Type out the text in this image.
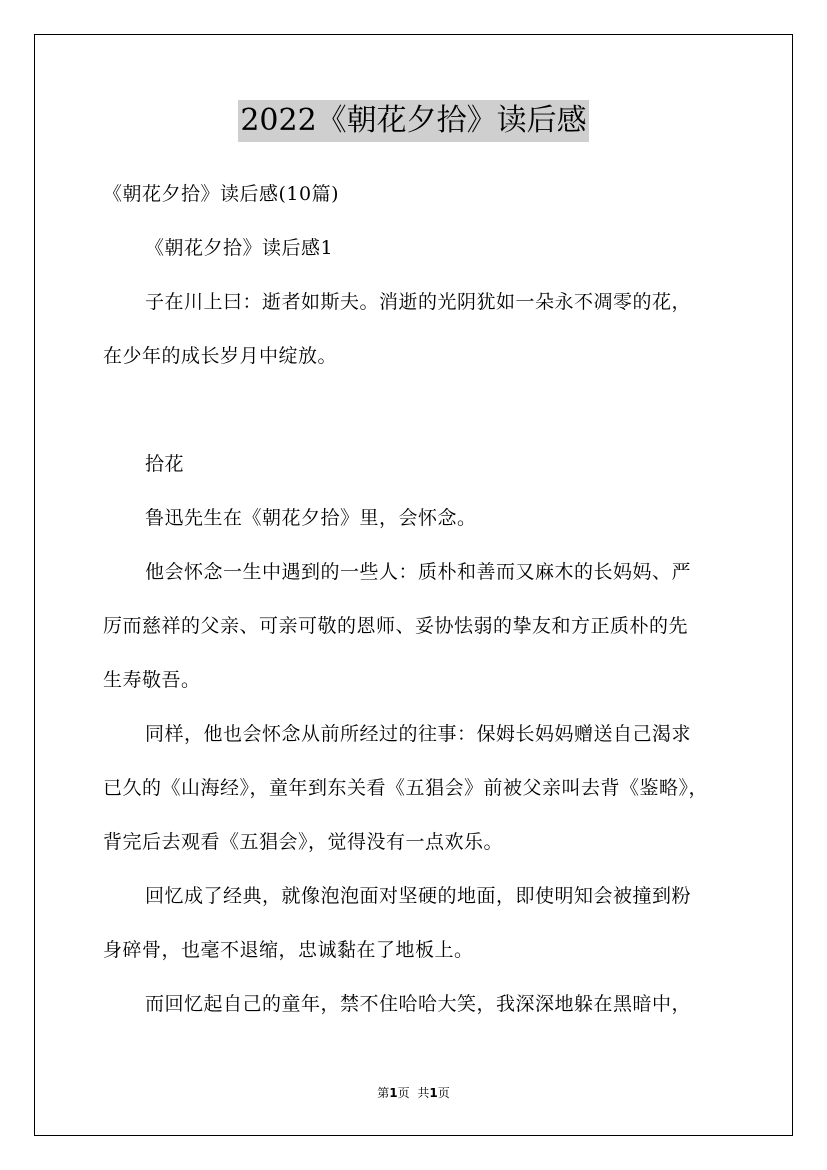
2022《朝花夕拾》读后感
《朝花夕拾》读后感(10篇)
《朝花夕拾》读后感1
子在川上曰：逝者如斯夫。消逝的光阴犹如一朵永不凋零的花，
在少年的成长岁月中绽放。
拾花
鲁迅先生在《朝花夕拾》里，会怀念。
他会怀念一生中遇到的一些人：质朴和善而又麻木的长妈妈、严
厉而慈祥的父亲、可亲可敬的恩师、妥协怯弱的挚友和方正质朴的先
生寿敬吾。
同样，他也会怀念从前所经过的往事：保姆长妈妈赠送自己渴求
已久的《山海经》，童年到东关看《五猖会》前被父亲叫去背《鉴略》，
背完后去观看《五猖会》，觉得没有一点欢乐。
回忆成了经典，就像泡泡面对坚硬的地面，即使明知会被撞到粉
身碎骨，也毫不退缩，忠诚黏在了地板上。
而回忆起自己的童年，禁不住哈哈大笑，我深深地躲在黑暗中，
第1页 共1页
